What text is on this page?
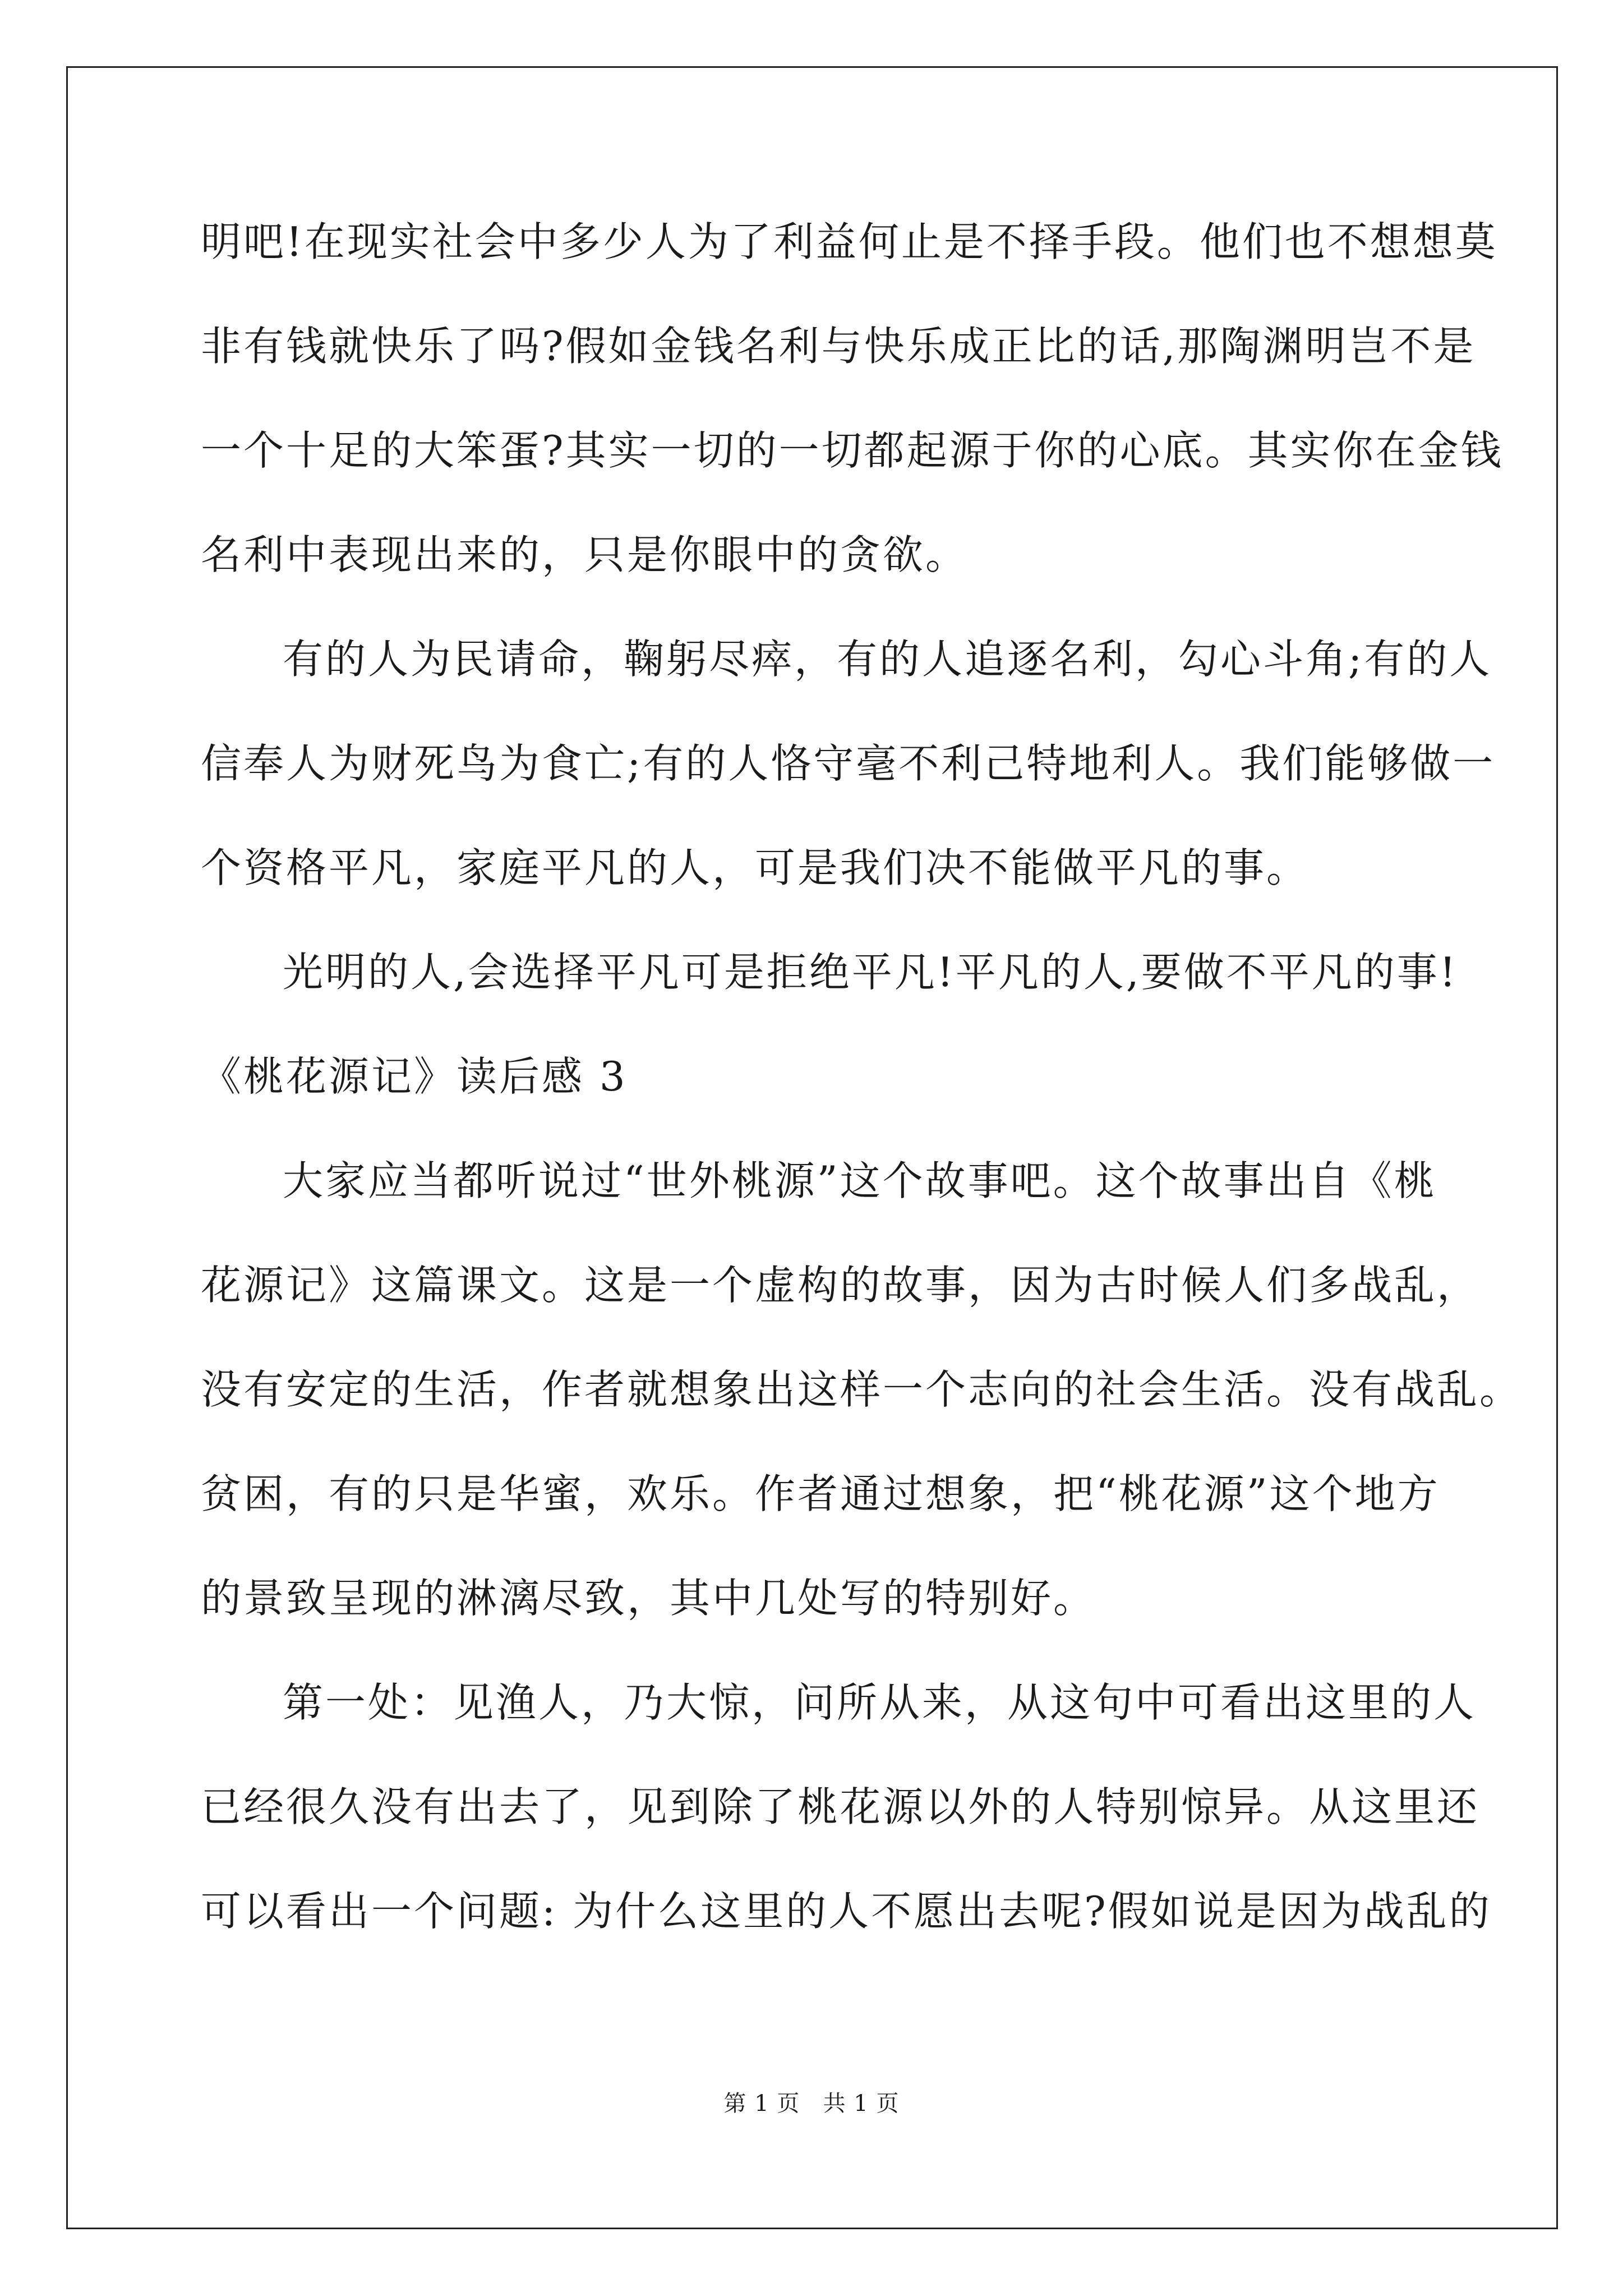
明吧!在现实社会中多少人为了利益何止是不择手段。他们也不想想莫
非有钱就快乐了吗?假如金钱名利与快乐成正比的话,那陶渊明岂不是
一个十足的大笨蛋?其实一切的一切都起源于你的心底。其实你在金钱
名利中表现出来的，只是你眼中的贪欲。
有的人为民请命，鞠躬尽瘁，有的人追逐名利，勾心斗角;有的人
信奉人为财死鸟为食亡;有的人恪守毫不利己特地利人。我们能够做一
个资格平凡，家庭平凡的人，可是我们决不能做平凡的事。
光明的人,会选择平凡可是拒绝平凡!平凡的人,要做不平凡的事!
《桃花源记》读后感 3
大家应当都听说过“世外桃源”这个故事吧。这个故事出自《桃
花源记》这篇课文。这是一个虚构的故事，因为古时候人们多战乱，
没有安定的生活，作者就想象出这样一个志向的社会生活。没有战乱。
贫困，有的只是华蜜，欢乐。作者通过想象，把“桃花源”这个地方
的景致呈现的淋漓尽致，其中几处写的特别好。
第一处：见渔人，乃大惊，问所从来，从这句中可看出这里的人
已经很久没有出去了，见到除了桃花源以外的人特别惊异。从这里还
可以看出一个问题: 为什么这里的人不愿出去呢?假如说是因为战乱的
第 1 页   共 1 页
